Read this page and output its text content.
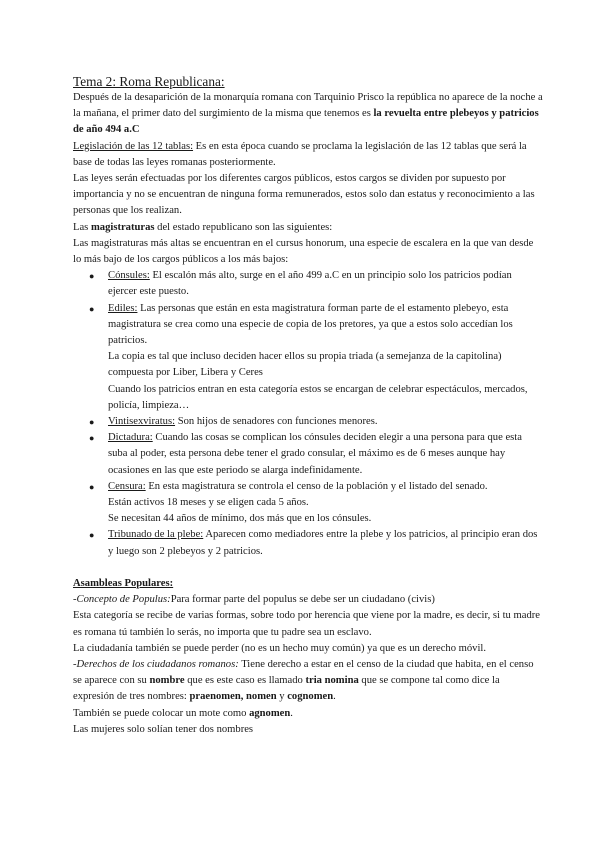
Tema 2: Roma Republicana:

Después de la desaparición de la monarquía romana con Tarquinio Prisco la república no aparece de la noche a la mañana, el primer dato del surgimiento de la misma que tenemos es la revuelta entre plebeyos y patricios de año 494 a.C

Legislación de las 12 tablas: Es en esta época cuando se proclama la legislación de las 12 tablas que será la base de todas las leyes romanas posteriormente.

Las leyes serán efectuadas por los diferentes cargos públicos, estos cargos se dividen por supuesto por importancia y no se encuentran de ninguna forma remunerados, estos solo dan estatus y reconocimiento a las personas que los realizan.

Las magistraturas del estado republicano son las siguientes:

Las magistraturas más altas se encuentran en el cursus honorum, una especie de escalera en la que van desde lo más bajo de los cargos públicos a los más bajos:

● Cónsules: El escalón más alto, surge en el año 499 a.C en un principio solo los patricios podían ejercer este puesto.
● Ediles: Las personas que están en esta magistratura forman parte de el estamento plebeyo, esta magistratura se crea como una especie de copia de los pretores, ya que a estos solo accedían los patricios.

La copia es tal que incluso deciden hacer ellos su propia triada (a semejanza de la capitolina) compuesta por Liber, Libera y Ceres

Cuando los patricios entran en esta categoría estos se encargan de celebrar espectáculos, mercados, policía, limpieza…

● Vintisexviratus: Son hijos de senadores con funciones menores.
● Dictadura: Cuando las cosas se complican los cónsules deciden elegir a una persona para que esta suba al poder, esta persona debe tener el grado consular, el máximo es de 6 meses aunque hay ocasiones en las que este periodo se alarga indefinidamente.
● Censura: En esta magistratura se controla el censo de la población y el listado del senado.

Están activos 18 meses y se eligen cada 5 años.

Se necesitan 44 años de mínimo, dos más que en los cónsules.

● Tribunado de la plebe: Aparecen como mediadores entre la plebe y los patricios, al principio eran dos y luego son 2 plebeyos y 2 patricios.

Asambleas Populares:

-Concepto de Populus:Para formar parte del populus se debe ser un ciudadano (civis)

Esta categoría se recibe de varias formas, sobre todo por herencia que viene por la madre, es decir, si tu madre es romana tú también lo serás, no importa que tu padre sea un esclavo.

La ciudadanía también se puede perder (no es un hecho muy común) ya que es un derecho móvil.

-Derechos de los ciudadanos romanos: Tiene derecho a estar en el censo de la ciudad que habita, en el censo se aparece con su nombre que es este caso es llamado tria nomina que se compone tal como dice la expresión de tres nombres: praenomen, nomen y cognomen.

También se puede colocar un mote como agnomen.

Las mujeres solo solían tener dos nombres
